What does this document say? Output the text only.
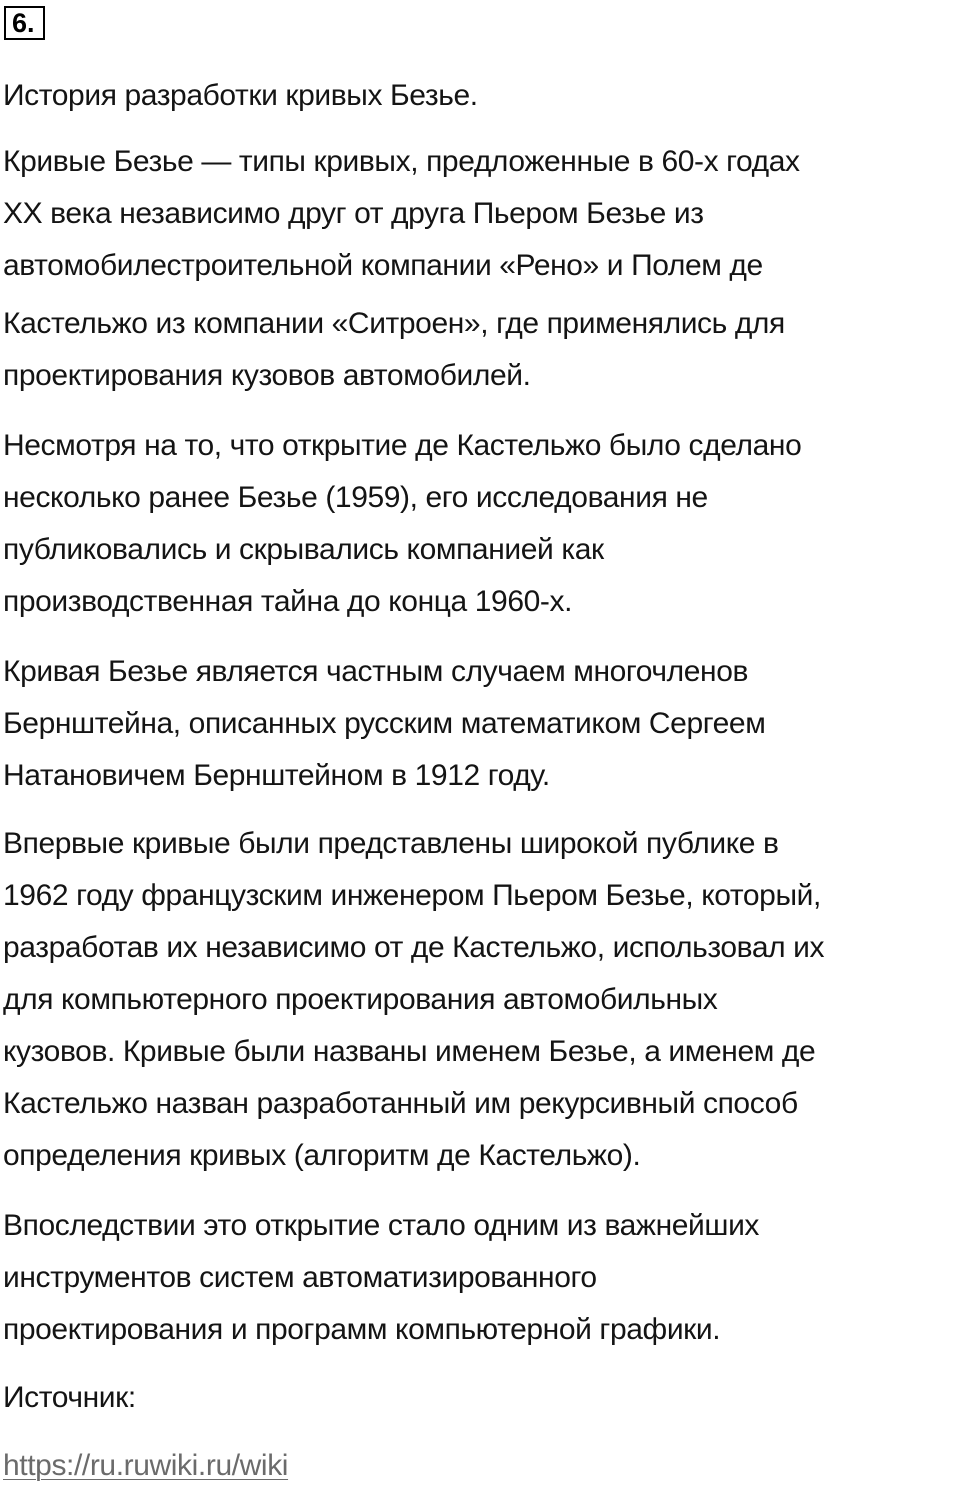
6.
История разработки кривых Безье.
Кривые Безье — типы кривых, предложенные в 60-х годах
XX века независимо друг от друга Пьером Безье из
автомобилестроительной компании «Рено» и Полем де
Кастельжо из компании «Ситроен», где применялись для
проектирования кузовов автомобилей.
Несмотря на то, что открытие де Кастельжо было сделано
несколько ранее Безье (1959), его исследования не
публиковались и скрывались компанией как
производственная тайна до конца 1960-х.
Кривая Безье является частным случаем многочленов
Бернштейна, описанных русским математиком Сергеем
Натановичем Бернштейном в 1912 году.
Впервые кривые были представлены широкой публике в
1962 году французским инженером Пьером Безье, который,
разработав их независимо от де Кастельжо, использовал их
для компьютерного проектирования автомобильных
кузовов. Кривые были названы именем Безье, а именем де
Кастельжо назван разработанный им рекурсивный способ
определения кривых (алгоритм де Кастельжо).
Впоследствии это открытие стало одним из важнейших
инструментов систем автоматизированного
проектирования и программ компьютерной графики.
Источник:
https://ru.ruwiki.ru/wiki
